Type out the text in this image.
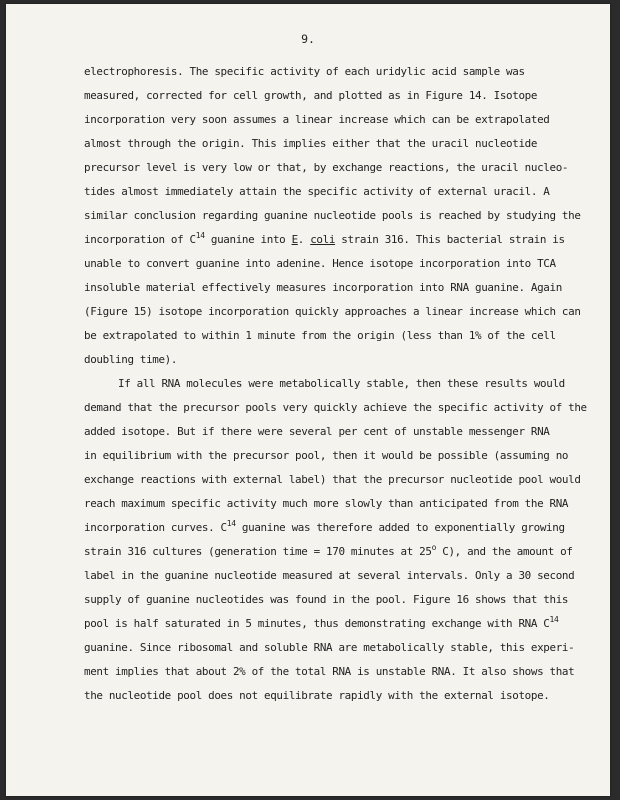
9.
electrophoresis. The specific activity of each uridylic acid sample was
measured, corrected for cell growth, and plotted as in Figure 14. Isotope
incorporation very soon assumes a linear increase which can be extrapolated
almost through the origin. This implies either that the uracil nucleotide
precursor level is very low or that, by exchange reactions, the uracil nucleo-
tides almost immediately attain the specific activity of external uracil. A
similar conclusion regarding guanine nucleotide pools is reached by studying the
incorporation of $C^{14}$ guanine into E. coli strain 316. This bacterial strain is
unable to convert guanine into adenine. Hence isotope incorporation into TCA
insoluble material effectively measures incorporation into RNA guanine. Again
(Figure 15) isotope incorporation quickly approaches a linear increase which can
be extrapolated to within 1 minute from the origin (less than 1% of the cell
doubling time).
If all RNA molecules were metabolically stable, then these results would
demand that the precursor pools very quickly achieve the specific activity of the
added isotope. But if there were several per cent of unstable messenger RNA
in equilibrium with the precursor pool, then it would be possible (assuming no
exchange reactions with external label) that the precursor nucleotide pool would
reach maximum specific activity much more slowly than anticipated from the RNA
incorporation curves. $C^{14}$ guanine was therefore added to exponentially growing
strain 316 cultures (generation time = 170 minutes at 25$^o$ C), and the amount of
label in the guanine nucleotide measured at several intervals. Only a 30 second
supply of guanine nucleotides was found in the pool. Figure 16 shows that this
pool is half saturated in 5 minutes, thus demonstrating exchange with RNA $C^{14}$
guanine. Since ribosomal and soluble RNA are metabolically stable, this experi-
ment implies that about 2% of the total RNA is unstable RNA. It also shows that
the nucleotide pool does not equilibrate rapidly with the external isotope.
